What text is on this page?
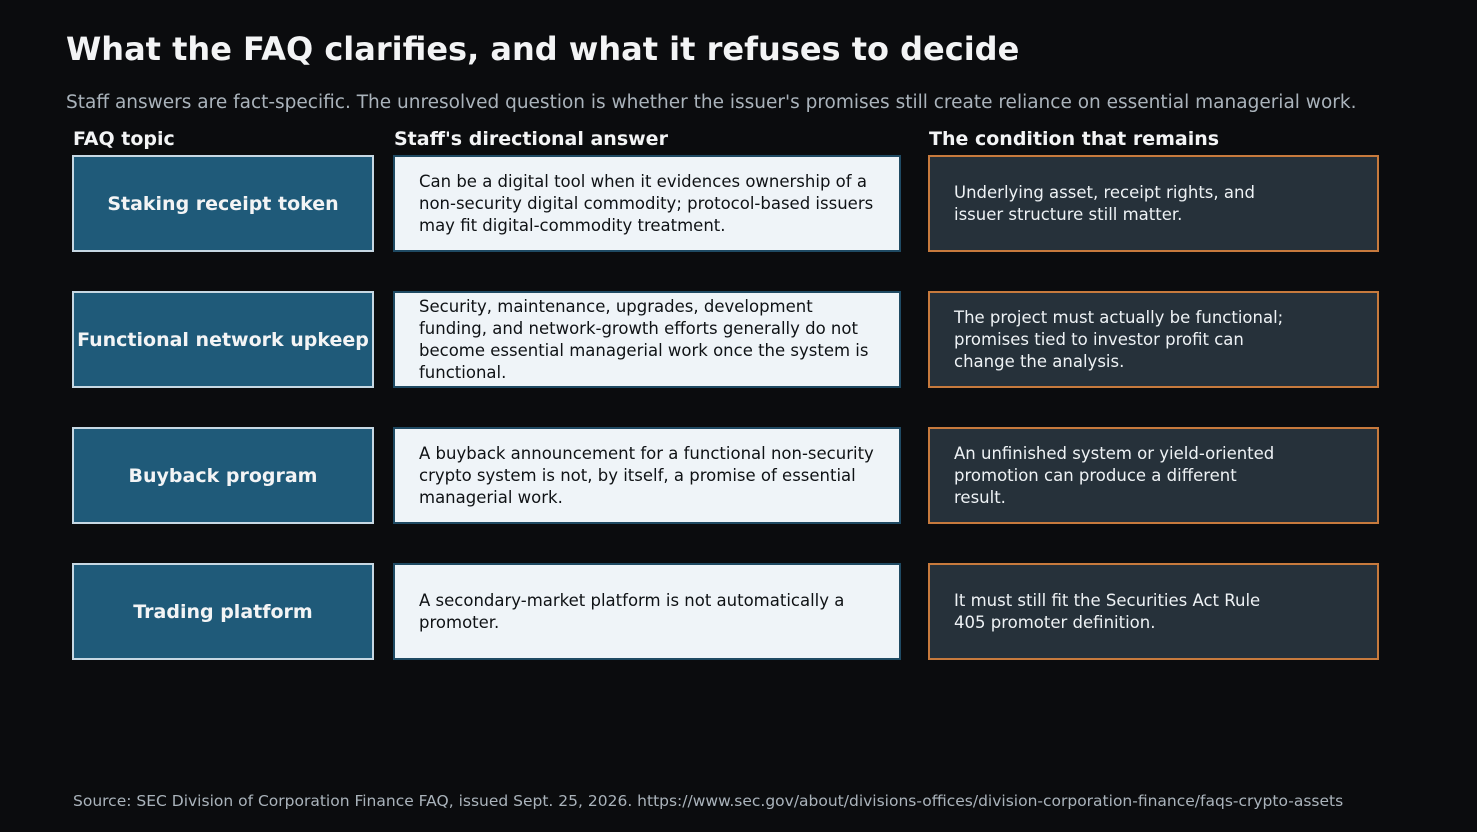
What the FAQ clarifies, and what it refuses to decide
Staff answers are fact-specific. The unresolved question is whether the issuer's promises still create reliance on essential managerial work.
FAQ topic	Staff's directional answer	The condition that remains
Staking receipt token
Can be a digital tool when it evidences ownership of a non-security digital commodity; protocol-based issuers may fit digital-commodity treatment.
Underlying asset, receipt rights, and issuer structure still matter.
Functional network upkeep
Security, maintenance, upgrades, development funding, and network-growth efforts generally do not become essential managerial work once the system is functional.
The project must actually be functional; promises tied to investor profit can change the analysis.
Buyback program
A buyback announcement for a functional non-security crypto system is not, by itself, a promise of essential managerial work.
An unfinished system or yield-oriented promotion can produce a different result.
Trading platform
A secondary-market platform is not automatically a promoter.
It must still fit the Securities Act Rule 405 promoter definition.
Source: SEC Division of Corporation Finance FAQ, issued Sept. 25, 2026. https://www.sec.gov/about/divisions-offices/division-corporation-finance/faqs-crypto-assets
